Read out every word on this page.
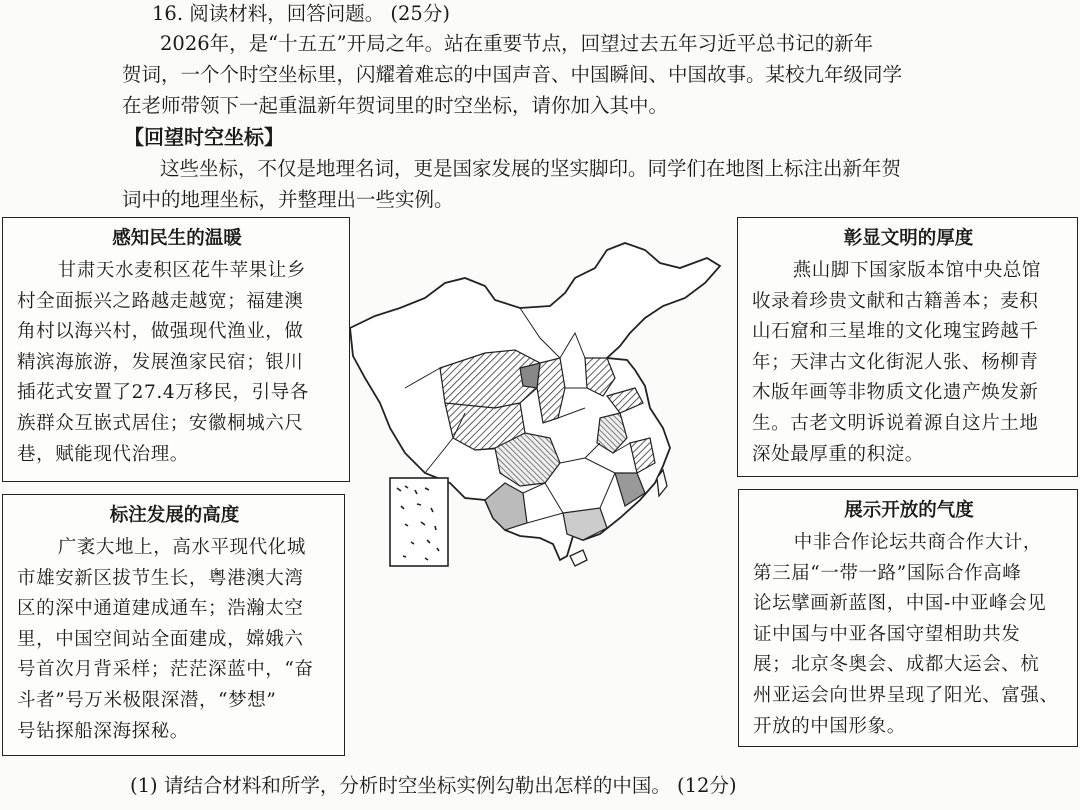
16. 阅读材料，回答问题。 (25分)
2026年，是“十五五”开局之年。站在重要节点，回望过去五年习近平总书记的新年
贺词，一个个时空坐标里，闪耀着难忘的中国声音、中国瞬间、中国故事。某校九年级同学
在老师带领下一起重温新年贺词里的时空坐标，请你加入其中。
【回望时空坐标】
这些坐标，不仅是地理名词，更是国家发展的坚实脚印。同学们在地图上标注出新年贺
词中的地理坐标，并整理出一些实例。
感知民生的温暖

甘肃天水麦积区花牛苹果让乡

村全面振兴之路越走越宽；福建澳

角村以海兴村，做强现代渔业，做

精滨海旅游，发展渔家民宿；银川

插花式安置了27.4万移民，引导各

族群众互嵌式居住；安徽桐城六尺

巷，赋能现代治理。

彰显文明的厚度

燕山脚下国家版本馆中央总馆

收录着珍贵文献和古籍善本；麦积

山石窟和三星堆的文化瑰宝跨越千

年；天津古文化街泥人张、杨柳青

木版年画等非物质文化遗产焕发新

生。古老文明诉说着源自这片土地

深处最厚重的积淀。

标注发展的高度

广袤大地上，高水平现代化城

市雄安新区拔节生长，粤港澳大湾

区的深中通道建成通车；浩瀚太空

里，中国空间站全面建成，嫦娥六

号首次月背采样；茫茫深蓝中，“奋

斗者”号万米极限深潜，“梦想”

号钻探船深海探秘。

展示开放的气度

中非合作论坛共商合作大计，

第三届“一带一路”国际合作高峰

论坛擘画新蓝图，中国-中亚峰会见

证中国与中亚各国守望相助共发

展；北京冬奥会、成都大运会、杭

州亚运会向世界呈现了阳光、富强、

开放的中国形象。

(1) 请结合材料和所学，分析时空坐标实例勾勒出怎样的中国。 (12分)
